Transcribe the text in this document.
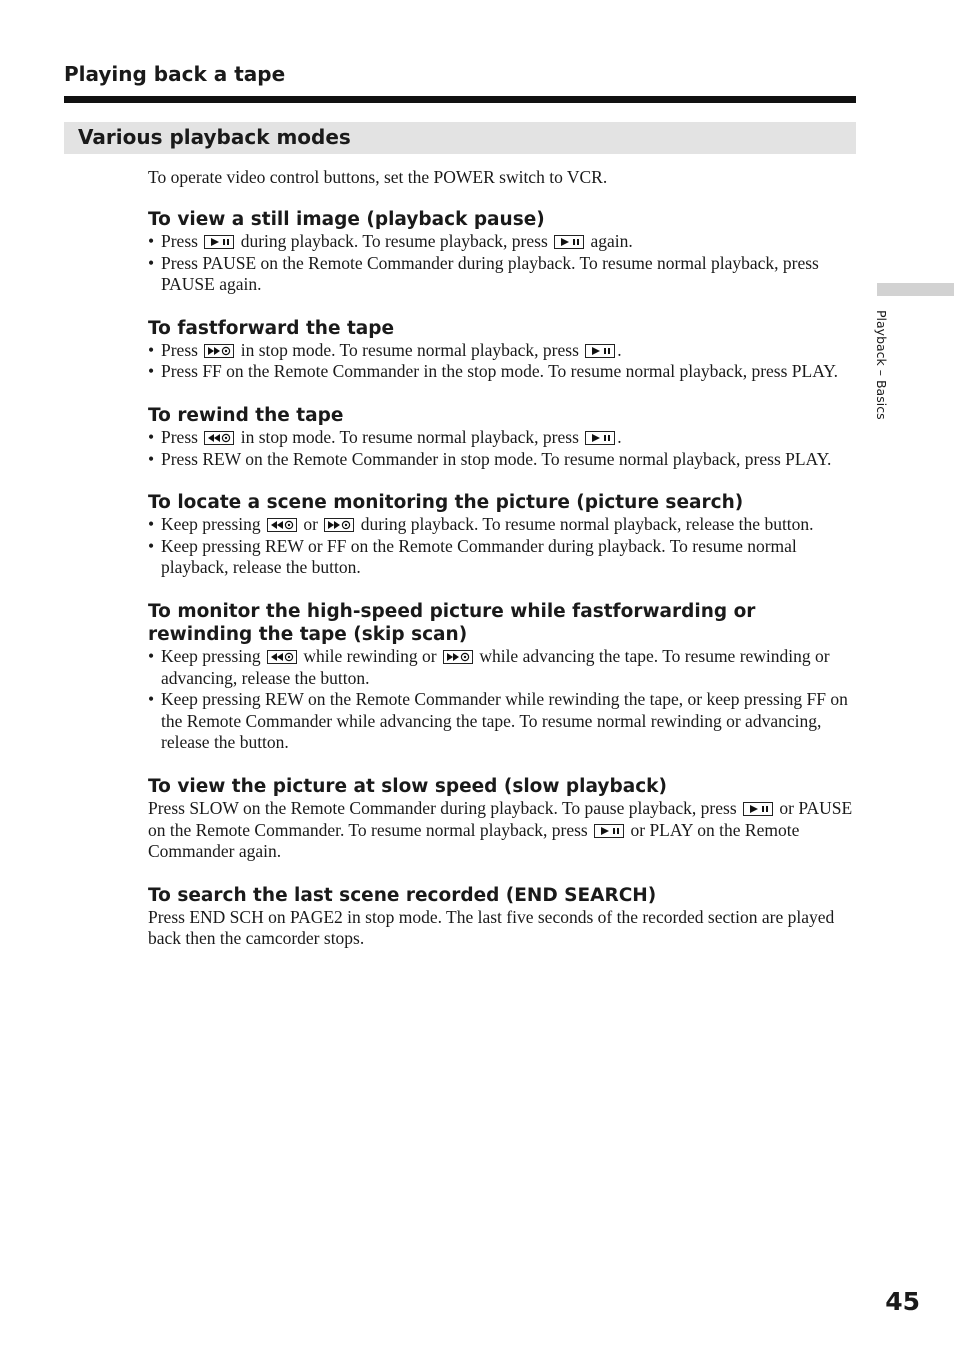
Playing back a tape
Various playback modes

To operate video control buttons, set the POWER switch to VCR.

To view a still image (playback pause)
• Press
during playback. To resume playback, press
again.
• Press PAUSE on the Remote Commander during playback. To resume normal playback, press PAUSE again.
To fastforward the tape
• Press
in stop mode. To resume normal playback, press
.
• Press FF on the Remote Commander in the stop mode. To resume normal playback, press PLAY.
To rewind the tape
• Press
in stop mode. To resume normal playback, press
.
• Press REW on the Remote Commander in stop mode. To resume normal playback, press PLAY.
To locate a scene monitoring the picture (picture search)
• Keep pressing
or
during playback. To resume normal playback, release the button.
• Keep pressing REW or FF on the Remote Commander during playback. To resume normal playback, release the button.
To monitor the high-speed picture while fastforwarding or rewinding the tape (skip scan)
• Keep pressing
while rewinding or
while advancing the tape. To resume rewinding or advancing, release the button.
• Keep pressing REW on the Remote Commander while rewinding the tape, or keep pressing FF on the Remote Commander while advancing the tape. To resume normal rewinding or advancing, release the button.
To view the picture at slow speed (slow playback)

Press SLOW on the Remote Commander during playback. To pause playback, press
or PAUSE on the Remote Commander. To resume normal playback, press
or PLAY on the Remote Commander again.

To search the last scene recorded (END SEARCH)

Press END SCH on PAGE2 in stop mode. The last five seconds of the recorded section are played back then the camcorder stops.

Playback – Basics
45
